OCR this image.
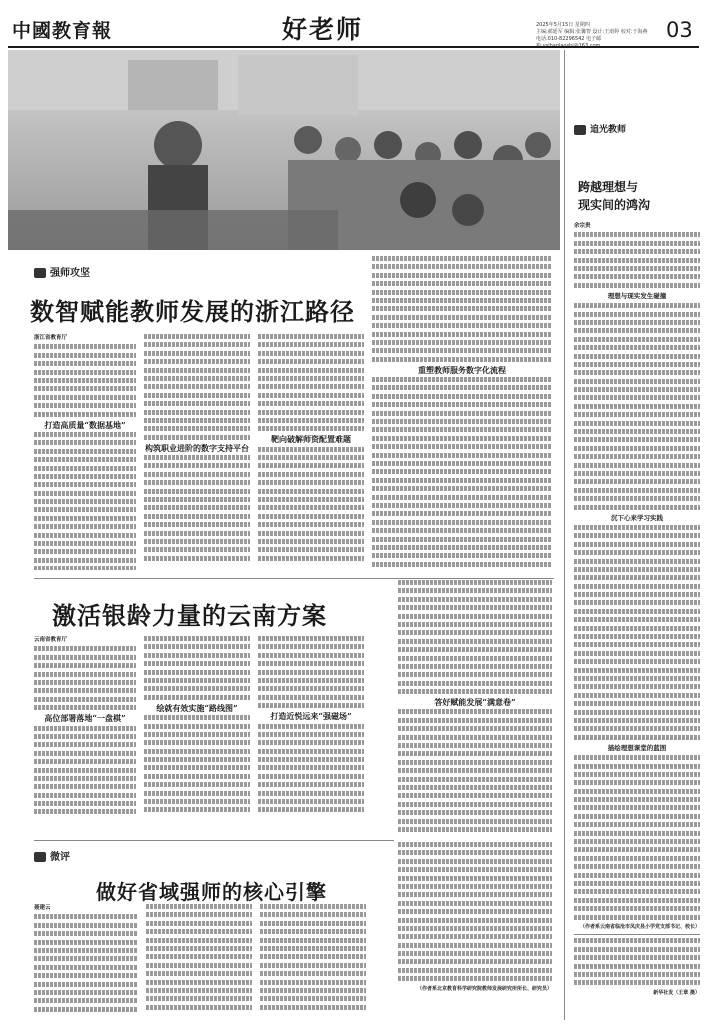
中國教育報	好老师	2025年5月15日 星期四
主编:郝延军 编辑:张馨智 设计:王雨婷 校对:于海燕
电话:010-82296542 电子邮	03
强师攻坚
数智赋能教师发展的浙江路径
浙江省教育厅
打造高质量“数据基地”
构筑职业进阶的数字支持平台
靶向破解师资配置难题
重塑教师服务数字化流程
激活银龄力量的云南方案
云南省教育厅
高位部署落地“一盘棋”
绘就有效实施“路线图”
打造近悦远来“强磁场”
答好赋能发展“满意卷”
微评
做好省域强师的核心引擎
聂建云
（作者系北京教育科学研究院教师发展研究所所长、研究员）
追光教师
跨越理想与
现实间的鸿沟
余宗贵
理想与现实发生碰撞
沉下心来学习实践
描绘理想课堂的蓝图
（作者系云南省临沧市凤庆县小学党支部书记、校长）
新华社发（王章 摄）
